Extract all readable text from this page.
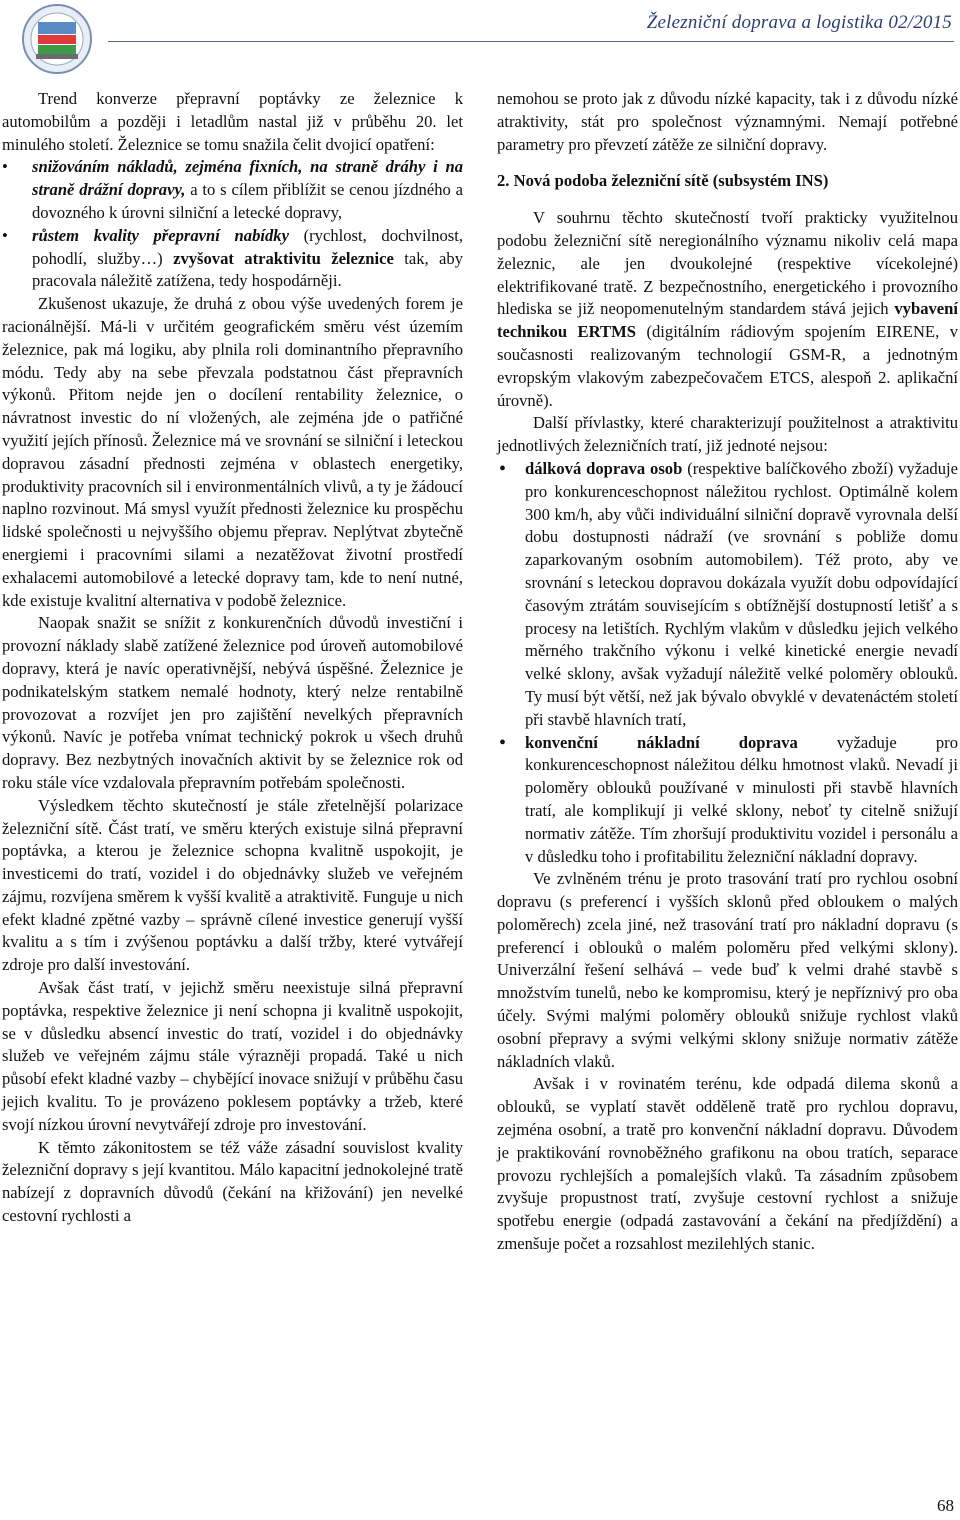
Železniční doprava a logistika 02/2015

Trend konverze přepravní poptávky ze železnice k automobilům a později i letadlům nastal již v průběhu 20. let minulého století. Železnice se tomu snažila čelit dvojicí opatření:

• snižováním nákladů, zejména fixních, na straně dráhy i na straně drážní dopravy, a to s cílem přiblížit se cenou jízdného a dovozného k úrovni silniční a letecké dopravy,
• růstem kvality přepravní nabídky (rychlost, dochvilnost, pohodlí, služby…) zvyšovat atraktivitu železnice tak, aby pracovala náležitě zatížena, tedy hospodárněji.

Zkušenost ukazuje, že druhá z obou výše uvedených forem je racionálnější. Má-li v určitém geografickém směru vést územím železnice, pak má logiku, aby plnila roli dominantního přepravního módu. Tedy aby na sebe převzala podstatnou část přepravních výkonů. Přitom nejde jen o docílení rentability železnice, o návratnost investic do ní vložených, ale zejména jde o patřičné využití jejích přínosů. Železnice má ve srovnání se silniční i leteckou dopravou zásadní přednosti zejména v oblastech energetiky, produktivity pracovních sil i environmentálních vlivů, a ty je žádoucí naplno rozvinout. Má smysl využít přednosti železnice ku prospěchu lidské společnosti u nejvyššího objemu přeprav. Neplýtvat zbytečně energiemi i pracovními silami a nezatěžovat životní prostředí exhalacemi automobilové a letecké dopravy tam, kde to není nutné, kde existuje kvalitní alternativa v podobě železnice.

Naopak snažit se snížit z konkurenčních důvodů investiční i provozní náklady slabě zatížené železnice pod úroveň automobilové dopravy, která je navíc operativnější, nebývá úspěšné. Železnice je podnikatelským statkem nemalé hodnoty, který nelze rentabilně provozovat a rozvíjet jen pro zajištění nevelkých přepravních výkonů. Navíc je potřeba vnímat technický pokrok u všech druhů dopravy. Bez nezbytných inovačních aktivit by se železnice rok od roku stále více vzdalovala přepravním potřebám společnosti.

Výsledkem těchto skutečností je stále zřetelnější polarizace železniční sítě. Část tratí, ve směru kterých existuje silná přepravní poptávka, a kterou je železnice schopna kvalitně uspokojit, je investicemi do tratí, vozidel i do objednávky služeb ve veřejném zájmu, rozvíjena směrem k vyšší kvalitě a atraktivitě. Funguje u nich efekt kladné zpětné vazby – správně cílené investice generují vyšší kvalitu a s tím i zvýšenou poptávku a další tržby, které vytvářejí zdroje pro další investování.

Avšak část tratí, v jejichž směru neexistuje silná přepravní poptávka, respektive železnice ji není schopna ji kvalitně uspokojit, se v důsledku absencí investic do tratí, vozidel i do objednávky služeb ve veřejném zájmu stále výrazněji propadá. Také u nich působí efekt kladné vazby – chybějící inovace snižují v průběhu času jejich kvalitu. To je provázeno poklesem poptávky a tržeb, které svojí nízkou úrovní nevytvářejí zdroje pro investování.

K těmto zákonitostem se též váže zásadní souvislost kvality železniční dopravy s její kvantitou. Málo kapacitní jednokolejné tratě nabízejí z dopravních důvodů (čekání na křižování) jen nevelké cestovní rychlosti a

nemohou se proto jak z důvodu nízké kapacity, tak i z důvodu nízké atraktivity, stát pro společnost významnými. Nemají potřebné parametry pro převzetí zátěže ze silniční dopravy.

2. Nová podoba železniční sítě (subsystém INS)

V souhrnu těchto skutečností tvoří prakticky využitelnou podobu železniční sítě neregionálního významu nikoliv celá mapa železnic, ale jen dvoukolejné (respektive vícekolejné) elektrifikované tratě. Z bezpečnostního, energetického i provozního hlediska se již neopomenutelným standardem stává jejich vybavení technikou ERTMS (digitálním rádiovým spojením EIRENE, v současnosti realizovaným technologií GSM-R, a jednotným evropským vlakovým zabezpečovačem ETCS, alespoň 2. aplikační úrovně).

Další přívlastky, které charakterizují použitelnost a atraktivitu jednotlivých železničních tratí, již jednoté nejsou:

• dálková doprava osob (respektive balíčkového zboží) vyžaduje pro konkurenceschopnost náležitou rychlost. Optimálně kolem 300 km/h, aby vůči individuální silniční dopravě vyrovnala delší dobu dostupnosti nádraží (ve srovnání s pobliže domu zaparkovaným osobním automobilem). Též proto, aby ve srovnání s leteckou dopravou dokázala využít dobu odpovídající časovým ztrátám souvisejícím s obtížnější dostupností letišť a s procesy na letištích. Rychlým vlakům v důsledku jejich velkého měrného trakčního výkonu i velké kinetické energie nevadí velké sklony, avšak vyžadují náležitě velké poloměry oblouků. Ty musí být větší, než jak bývalo obvyklé v devatenáctém století při stavbě hlavních tratí,
• konvenční nákladní doprava vyžaduje pro konkurenceschopnost náležitou délku hmotnost vlaků. Nevadí ji poloměry oblouků používané v minulosti při stavbě hlavních tratí, ale komplikují ji velké sklony, neboť ty citelně snižují normativ zátěže. Tím zhoršují produktivitu vozidel i personálu a v důsledku toho i profitabilitu železniční nákladní dopravy.

Ve zvlněném trénu je proto trasování tratí pro rychlou osobní dopravu (s preferencí i vyšších sklonů před obloukem o malých poloměrech) zcela jiné, než trasování tratí pro nákladní dopravu (s preferencí i oblouků o malém poloměru před velkými sklony). Univerzální řešení selhává – vede buď k velmi drahé stavbě s množstvím tunelů, nebo ke kompromisu, který je nepříznivý pro oba účely. Svými malými poloměry oblouků snižuje rychlost vlaků osobní přepravy a svými velkými sklony snižuje normativ zátěže nákladních vlaků.

Avšak i v rovinatém terénu, kde odpadá dilema skonů a oblouků, se vyplatí stavět odděleně tratě pro rychlou dopravu, zejména osobní, a tratě pro konvenční nákladní dopravu. Důvodem je praktikování rovnoběžného grafikonu na obou tratích, separace provozu rychlejších a pomalejších vlaků. Ta zásadním způsobem zvyšuje propustnost tratí, zvyšuje cestovní rychlost a snižuje spotřebu energie (odpadá zastavování a čekání na předjíždění) a zmenšuje počet a rozsahlost mezilehlých stanic.

68
